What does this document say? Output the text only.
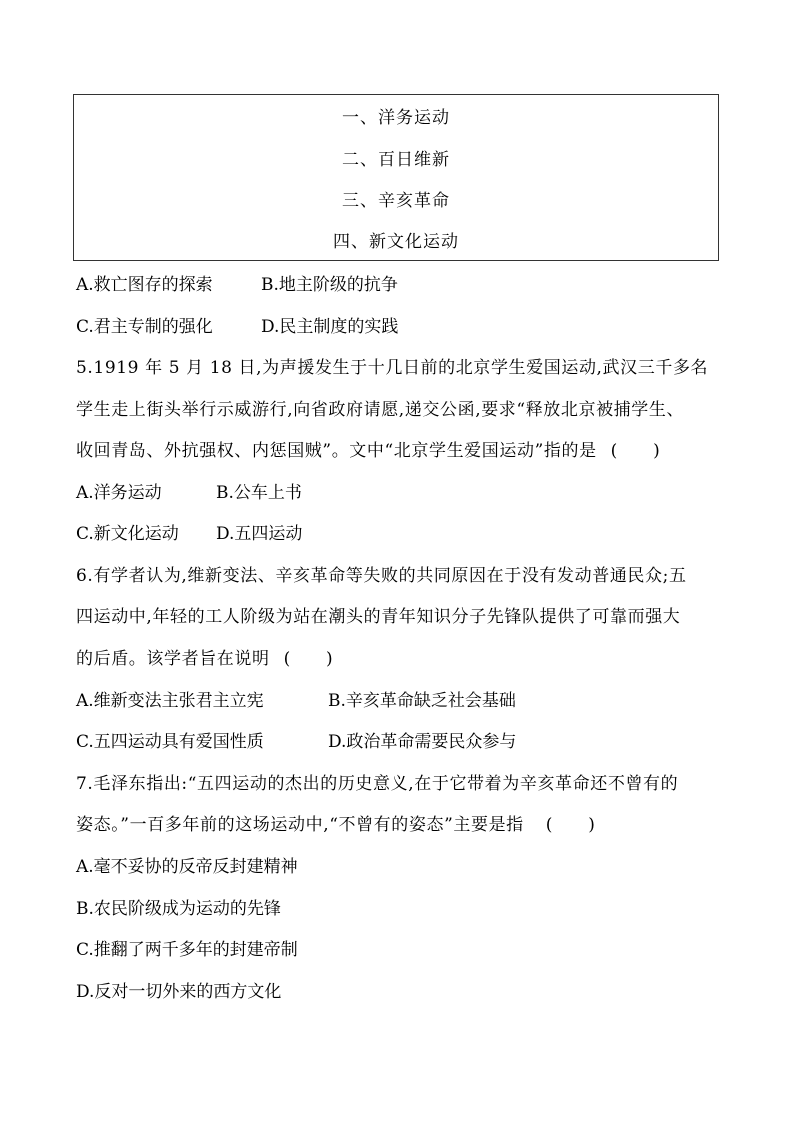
一、洋务运动
二、百日维新
三、辛亥革命
四、新文化运动
A.救亡图存的探索	B.地主阶级的抗争
C.君主专制的强化	D.民主制度的实践
5.1919 年 5 月 18 日,为声援发生于十几日前的北京学生爱国运动,武汉三千多名
学生走上街头举行示威游行,向省政府请愿,递交公函,要求“释放北京被捕学生、
收回青岛、外抗强权、内惩国贼”。文中“北京学生爱国运动”指的是 (　　)
A.洋务运动	B.公车上书
C.新文化运动 D.五四运动
6.有学者认为,维新变法、辛亥革命等失败的共同原因在于没有发动普通民众;五
四运动中,年轻的工人阶级为站在潮头的青年知识分子先锋队提供了可靠而强大
的后盾。该学者旨在说明 (　　)
A.维新变法主张君主立宪	B.辛亥革命缺乏社会基础
C.五四运动具有爱国性质	D.政治革命需要民众参与
7.毛泽东指出:“五四运动的杰出的历史意义,在于它带着为辛亥革命还不曾有的
姿态。”一百多年前的这场运动中,“不曾有的姿态”主要是指 (　　)
A.毫不妥协的反帝反封建精神
B.农民阶级成为运动的先锋
C.推翻了两千多年的封建帝制
D.反对一切外来的西方文化
